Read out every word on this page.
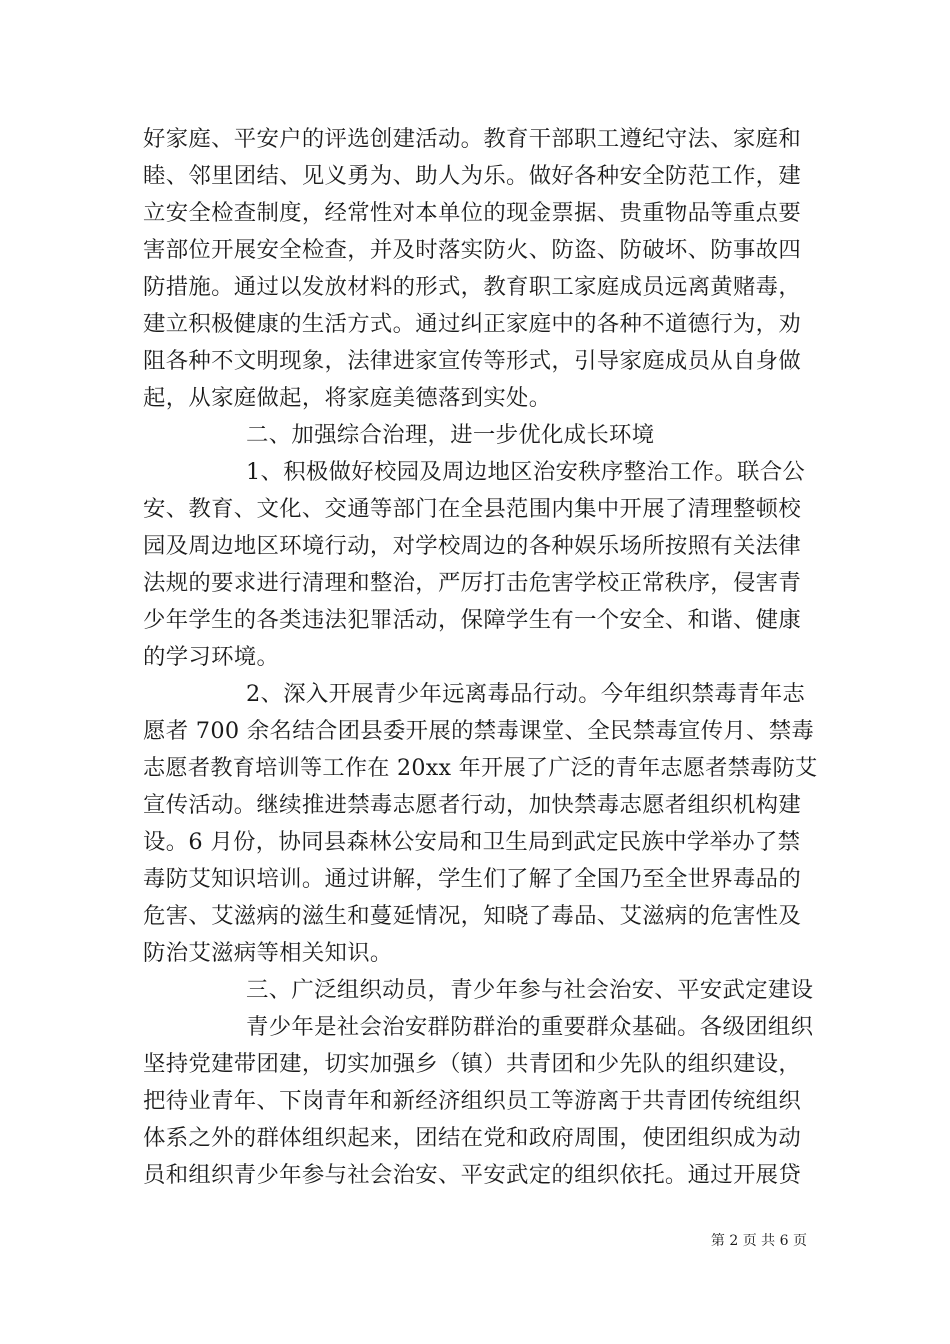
好家庭、平安户的评选创建活动。教育干部职工遵纪守法、家庭和
睦、邻里团结、见义勇为、助人为乐。做好各种安全防范工作，建
立安全检查制度，经常性对本单位的现金票据、贵重物品等重点要
害部位开展安全检查，并及时落实防火、防盗、防破坏、防事故四
防措施。通过以发放材料的形式，教育职工家庭成员远离黄赌毒，
建立积极健康的生活方式。通过纠正家庭中的各种不道德行为，劝
阻各种不文明现象，法律进家宣传等形式，引导家庭成员从自身做
起，从家庭做起，将家庭美德落到实处。
二、加强综合治理，进一步优化成长环境
1、积极做好校园及周边地区治安秩序整治工作。联合公
安、教育、文化、交通等部门在全县范围内集中开展了清理整顿校
园及周边地区环境行动，对学校周边的各种娱乐场所按照有关法律
法规的要求进行清理和整治，严厉打击危害学校正常秩序，侵害青
少年学生的各类违法犯罪活动，保障学生有一个安全、和谐、健康
的学习环境。
2、深入开展青少年远离毒品行动。今年组织禁毒青年志
愿者 700 余名结合团县委开展的禁毒课堂、全民禁毒宣传月、禁毒
志愿者教育培训等工作在 20xx 年开展了广泛的青年志愿者禁毒防艾
宣传活动。继续推进禁毒志愿者行动，加快禁毒志愿者组织机构建
设。6 月份，协同县森林公安局和卫生局到武定民族中学举办了禁
毒防艾知识培训。通过讲解，学生们了解了全国乃至全世界毒品的
危害、艾滋病的滋生和蔓延情况，知晓了毒品、艾滋病的危害性及
防治艾滋病等相关知识。
三、广泛组织动员，青少年参与社会治安、平安武定建设
青少年是社会治安群防群治的重要群众基础。各级团组织
坚持党建带团建，切实加强乡（镇）共青团和少先队的组织建设，
把待业青年、下岗青年和新经济组织员工等游离于共青团传统组织
体系之外的群体组织起来，团结在党和政府周围，使团组织成为动
员和组织青少年参与社会治安、平安武定的组织依托。通过开展贷
第 2 页 共 6 页
